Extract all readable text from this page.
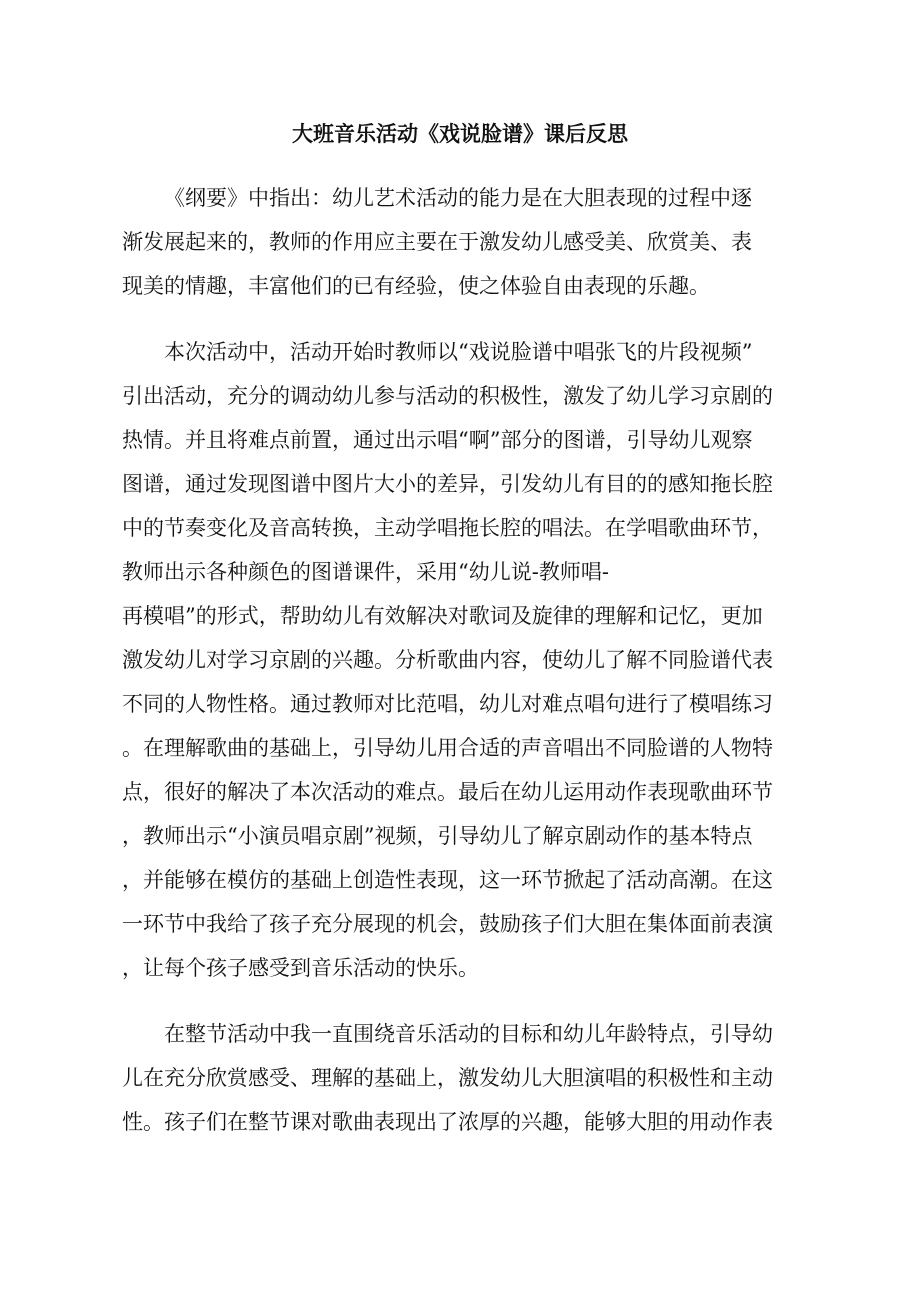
大班音乐活动《戏说脸谱》课后反思

《纲要》中指出：幼儿艺术活动的能力是在大胆表现的过程中逐

渐发展起来的，教师的作用应主要在于激发幼儿感受美、欣赏美、表

现美的情趣，丰富他们的已有经验，使之体验自由表现的乐趣。

本次活动中，活动开始时教师以“戏说脸谱中唱张飞的片段视频”

引出活动，充分的调动幼儿参与活动的积极性，激发了幼儿学习京剧的

热情。并且将难点前置，通过出示唱“啊”部分的图谱，引导幼儿观察

图谱，通过发现图谱中图片大小的差异，引发幼儿有目的的感知拖长腔

中的节奏变化及音高转换，主动学唱拖长腔的唱法。在学唱歌曲环节，

教师出示各种颜色的图谱课件，采用“幼儿说-教师唱-

再模唱”的形式，帮助幼儿有效解决对歌词及旋律的理解和记忆，更加

激发幼儿对学习京剧的兴趣。分析歌曲内容，使幼儿了解不同脸谱代表

不同的人物性格。通过教师对比范唱，幼儿对难点唱句进行了模唱练习

。在理解歌曲的基础上，引导幼儿用合适的声音唱出不同脸谱的人物特

点，很好的解决了本次活动的难点。最后在幼儿运用动作表现歌曲环节

，教师出示“小演员唱京剧”视频，引导幼儿了解京剧动作的基本特点

，并能够在模仿的基础上创造性表现，这一环节掀起了活动高潮。在这

一环节中我给了孩子充分展现的机会，鼓励孩子们大胆在集体面前表演

，让每个孩子感受到音乐活动的快乐。

在整节活动中我一直围绕音乐活动的目标和幼儿年龄特点，引导幼

儿在充分欣赏感受、理解的基础上，激发幼儿大胆演唱的积极性和主动

性。孩子们在整节课对歌曲表现出了浓厚的兴趣，能够大胆的用动作表
